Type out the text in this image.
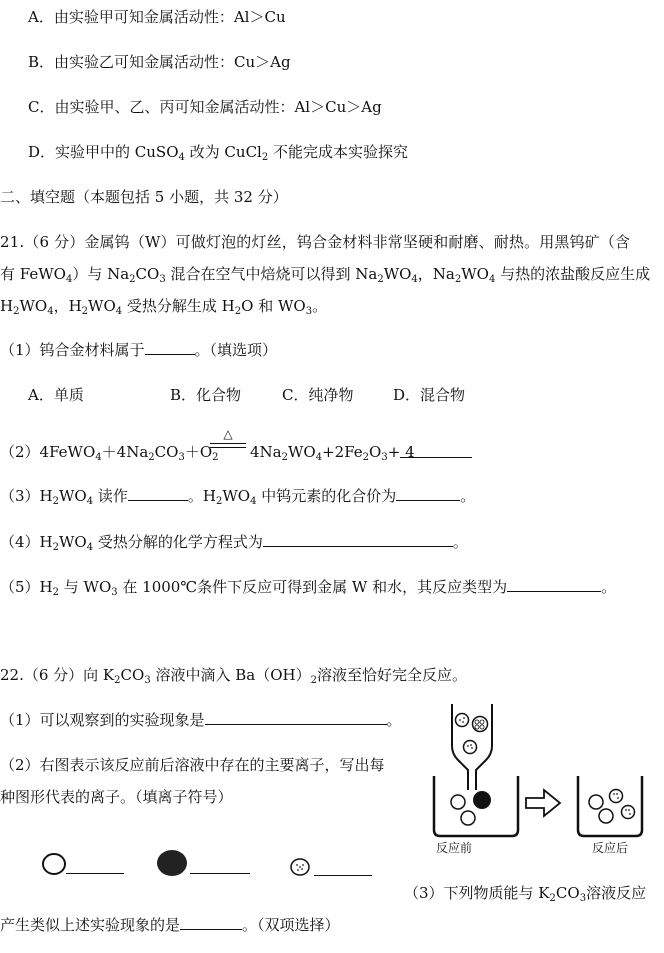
A．由实验甲可知金属活动性：Al＞Cu
B．由实验乙可知金属活动性：Cu＞Ag
C．由实验甲、乙、丙可知金属活动性：Al＞Cu＞Ag
D．实验甲中的 CuSO$_4$ 改为 CuCl$_2$ 不能完成本实验探究
二、填空题（本题包括 5 小题，共 32 分）
21.（6 分）金属钨（W）可做灯泡的灯丝，钨合金材料非常坚硬和耐磨、耐热。用黑钨矿（含
有 FeWO$_4$）与 $Na_2CO_3$ 混合在空气中焙烧可以得到 $Na_2WO_4$，$Na_2WO_4$ 与热的浓盐酸反应生成
$H_2WO_4$，$H_2WO_4$ 受热分解生成 $H_2O$ 和 $WO_3$。
（1）钨合金材料属于	。（填选项）
A．单质	B．化合物	C．纯净物	D．混合物
$(2)4FeWO_4+4Na_2CO_3+O_2$
△
$4Na_2WO_4+2Fe_2O_3+ 4$
$(3)H_2WO_4$ 读作	。$H_2WO_4$ 中钨元素的化合价为	。
$(4)H_2WO_4$ 受热分解的化学方程式为	。
$(5)H_2$ 与 $WO_3$ 在 1000℃条件下反应可得到金属 W 和水，其反应类型为	。
22.（6 分）向 $K_2CO_3$ 溶液中滴入 $Ba(OH)_2$溶液至恰好完全反应。
（1）可以观察到的实验现象是	。
（2）右图表示该反应前后溶液中存在的主要离子，写出每
种图形代表的离子。（填离子符号）
反应前	反应后
（3）下列物质能与 $K_2CO_3$溶液反应
产生类似上述实验现象的是	。（双项选择）
